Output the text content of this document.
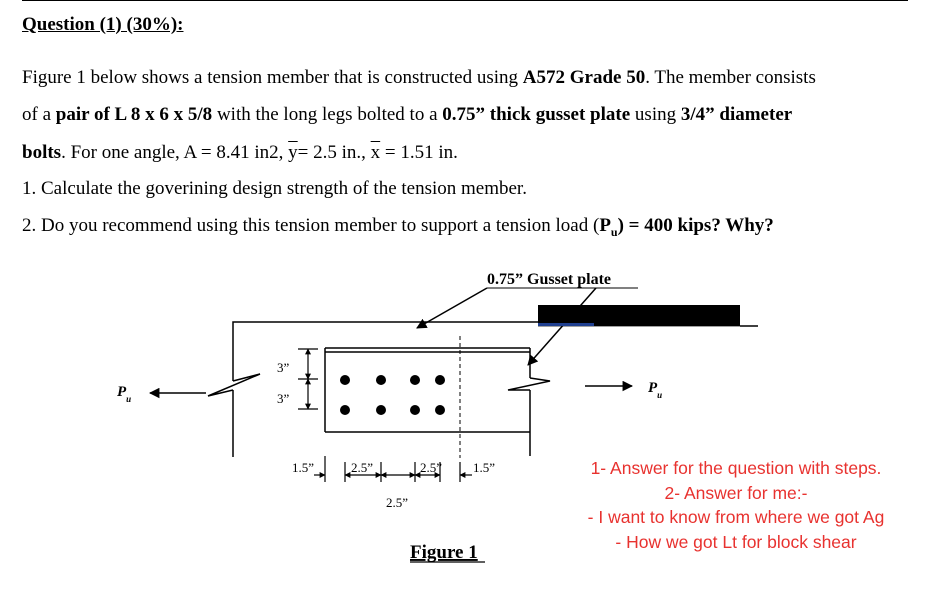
Question (1) (30%):
Figure 1 below shows a tension member that is constructed using A572 Grade 50. The member consists
of a pair of L 8 x 6 x 5/8 with the long legs bolted to a 0.75” thick gusset plate using 3/4” diameter
bolts. For one angle, A = 8.41 in2, $\overline{y}= 2.5$ in., $\overline{x} = 1.51$ in.
1. Calculate the goverining design strength of the tension member.
2. Do you recommend using this tension member to support a tension load $(P_u) = 400$ kips? Why?
0.75” Gusset plate
3”
3”
$P_u$
$P_u$
1.5”	2.5”	2.5” 1.5”
2.5”
Figure 1
1- Answer for the question with steps.
2- Answer for me:-
- I want to know from where we got Ag
- How we got Lt for block shear
